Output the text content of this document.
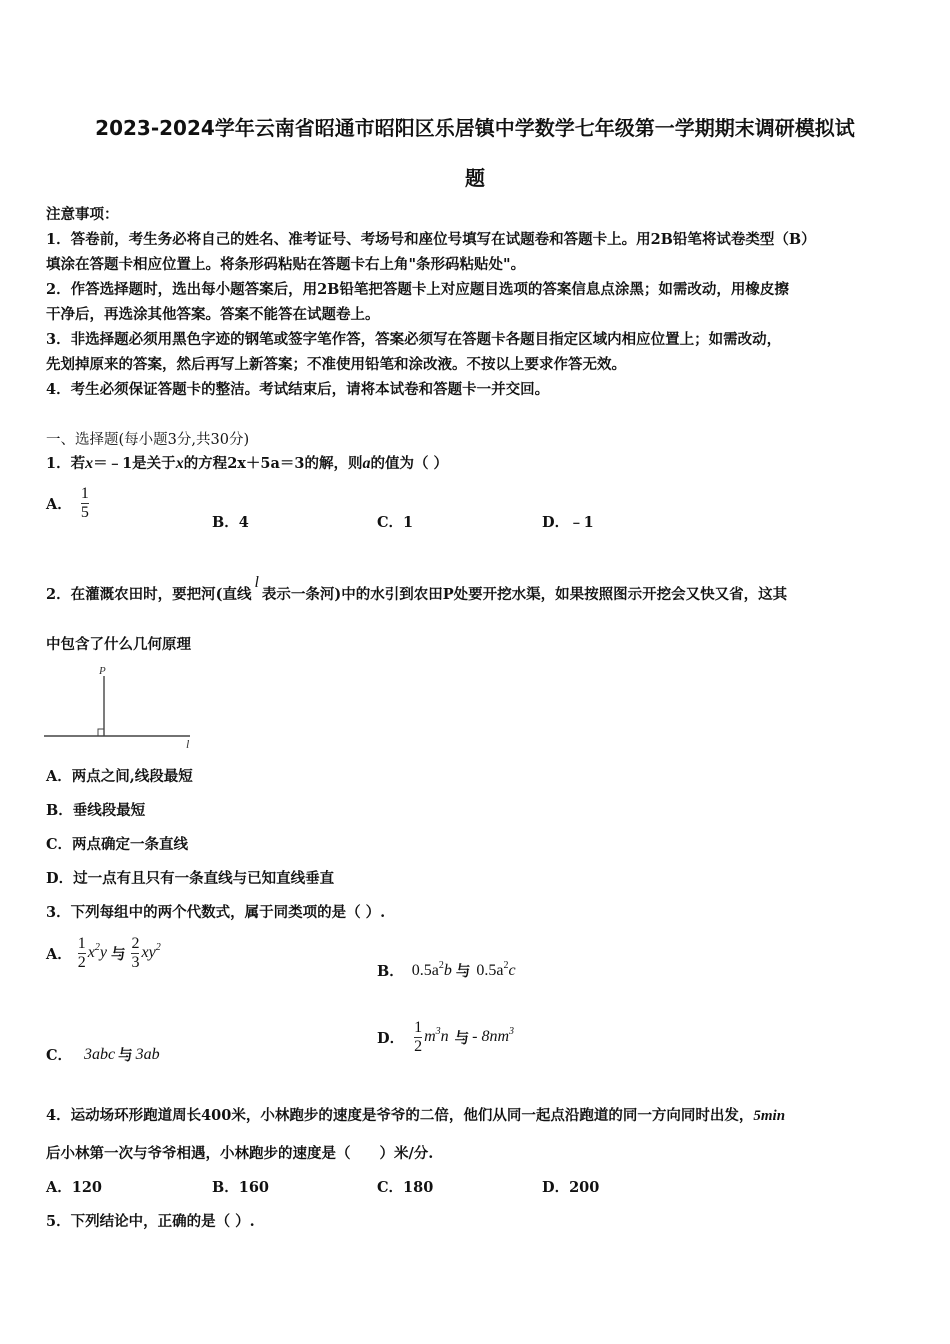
2023-2024学年云南省昭通市昭阳区乐居镇中学数学七年级第一学期期末调研模拟试
题
注意事项：
1．答卷前，考生务必将自己的姓名、准考证号、考场号和座位号填写在试题卷和答题卡上。用2B铅笔将试卷类型（B）
填涂在答题卡相应位置上。将条形码粘贴在答题卡右上角"条形码粘贴处"。
2．作答选择题时，选出每小题答案后，用2B铅笔把答题卡上对应题目选项的答案信息点涂黑；如需改动，用橡皮擦
干净后，再选涂其他答案。答案不能答在试题卷上。
3．非选择题必须用黑色字迹的钢笔或签字笔作答，答案必须写在答题卡各题目指定区域内相应位置上；如需改动，
先划掉原来的答案，然后再写上新答案；不准使用铅笔和涂改液。不按以上要求作答无效。
4．考生必须保证答题卡的整洁。考试结束后，请将本试卷和答题卡一并交回。
一、选择题(每小题3分,共30分)
1．若x＝﹣1是关于x的方程2x＋5a＝3的解，则a的值为（ ）
A． $\frac{1}{5}$
B．4	C．1	D．﹣1
2．在灌溉农田时，要把河(直线l表示一条河)中的水引到农田P处要开挖水渠，如果按照图示开挖会又快又省，这其
中包含了什么几何原理
P
l
A．两点之间,线段最短
B．垂线段最短
C．两点确定一条直线
D．过一点有且只有一条直线与已知直线垂直
3．下列每组中的两个代数式，属于同类项的是（ ）.
A． $\frac{1}{2} x^2y$ 与 $\frac{2}{3} xy^2$
B． $0.5a^2b$ 与 $0.5a^2c$
C． 3abc 与 3ab
D． $\frac{1}{2} m^3n$ 与 - $8nm^3$
4．运动场环形跑道周长400米，小林跑步的速度是爷爷的二倍，他们从同一起点沿跑道的同一方向同时出发，5min
后小林第一次与爷爷相遇，小林跑步的速度是（　　）米/分.
A．120	B．160	C．180	D．200
5．下列结论中，正确的是（ ）.
